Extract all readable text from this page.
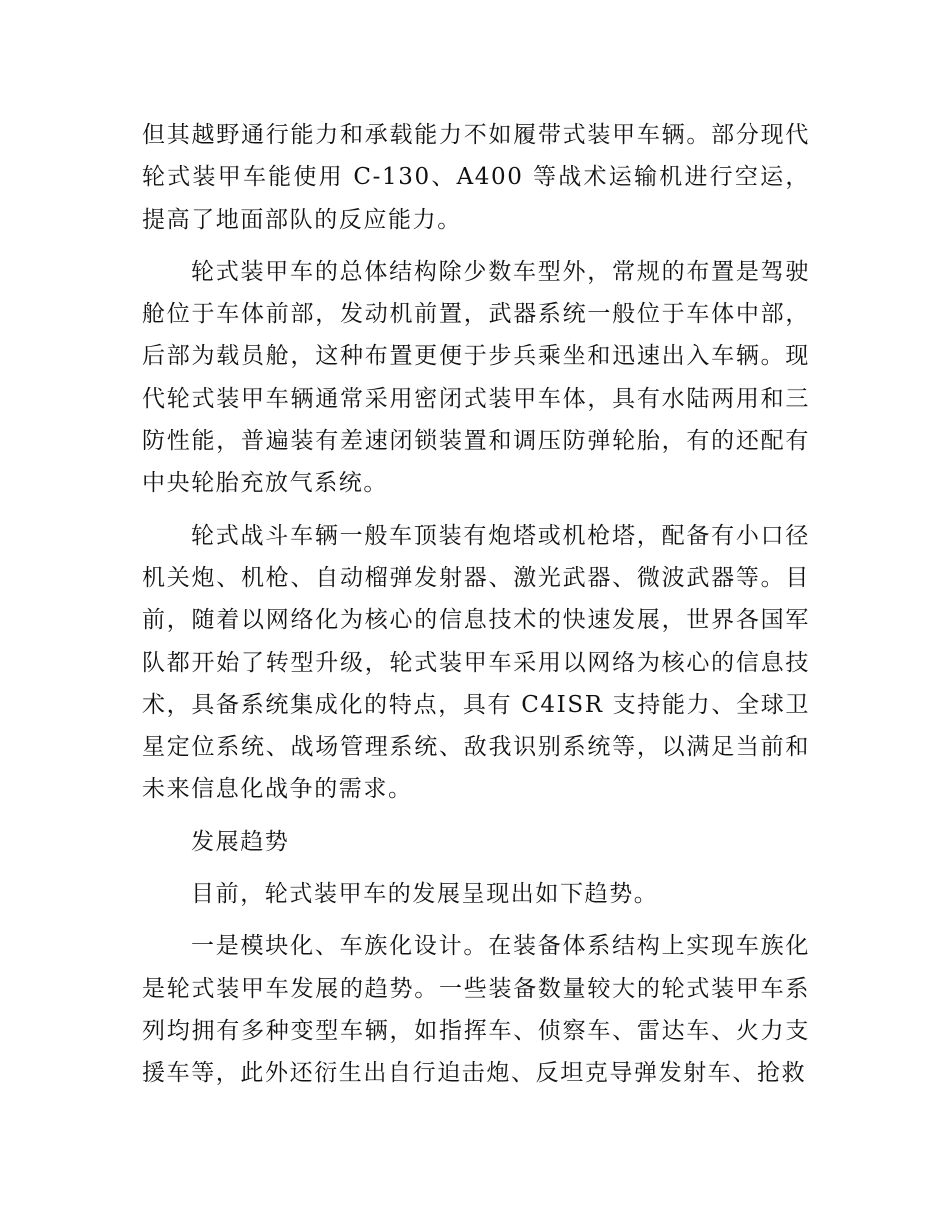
但其越野通行能力和承载能力不如履带式装甲车辆。部分现代轮式装甲车能使用 C-130、A400 等战术运输机进行空运，提高了地面部队的反应能力。

轮式装甲车的总体结构除少数车型外，常规的布置是驾驶舱位于车体前部，发动机前置，武器系统一般位于车体中部，后部为载员舱，这种布置更便于步兵乘坐和迅速出入车辆。现代轮式装甲车辆通常采用密闭式装甲车体，具有水陆两用和三防性能，普遍装有差速闭锁装置和调压防弹轮胎，有的还配有中央轮胎充放气系统。

轮式战斗车辆一般车顶装有炮塔或机枪塔，配备有小口径机关炮、机枪、自动榴弹发射器、激光武器、微波武器等。目前，随着以网络化为核心的信息技术的快速发展，世界各国军队都开始了转型升级，轮式装甲车采用以网络为核心的信息技术，具备系统集成化的特点，具有 C4ISR 支持能力、全球卫星定位系统、战场管理系统、敌我识别系统等，以满足当前和未来信息化战争的需求。

发展趋势

目前，轮式装甲车的发展呈现出如下趋势。

一是模块化、车族化设计。在装备体系结构上实现车族化是轮式装甲车发展的趋势。一些装备数量较大的轮式装甲车系列均拥有多种变型车辆，如指挥车、侦察车、雷达车、火力支援车等，此外还衍生出自行迫击炮、反坦克导弹发射车、抢救
